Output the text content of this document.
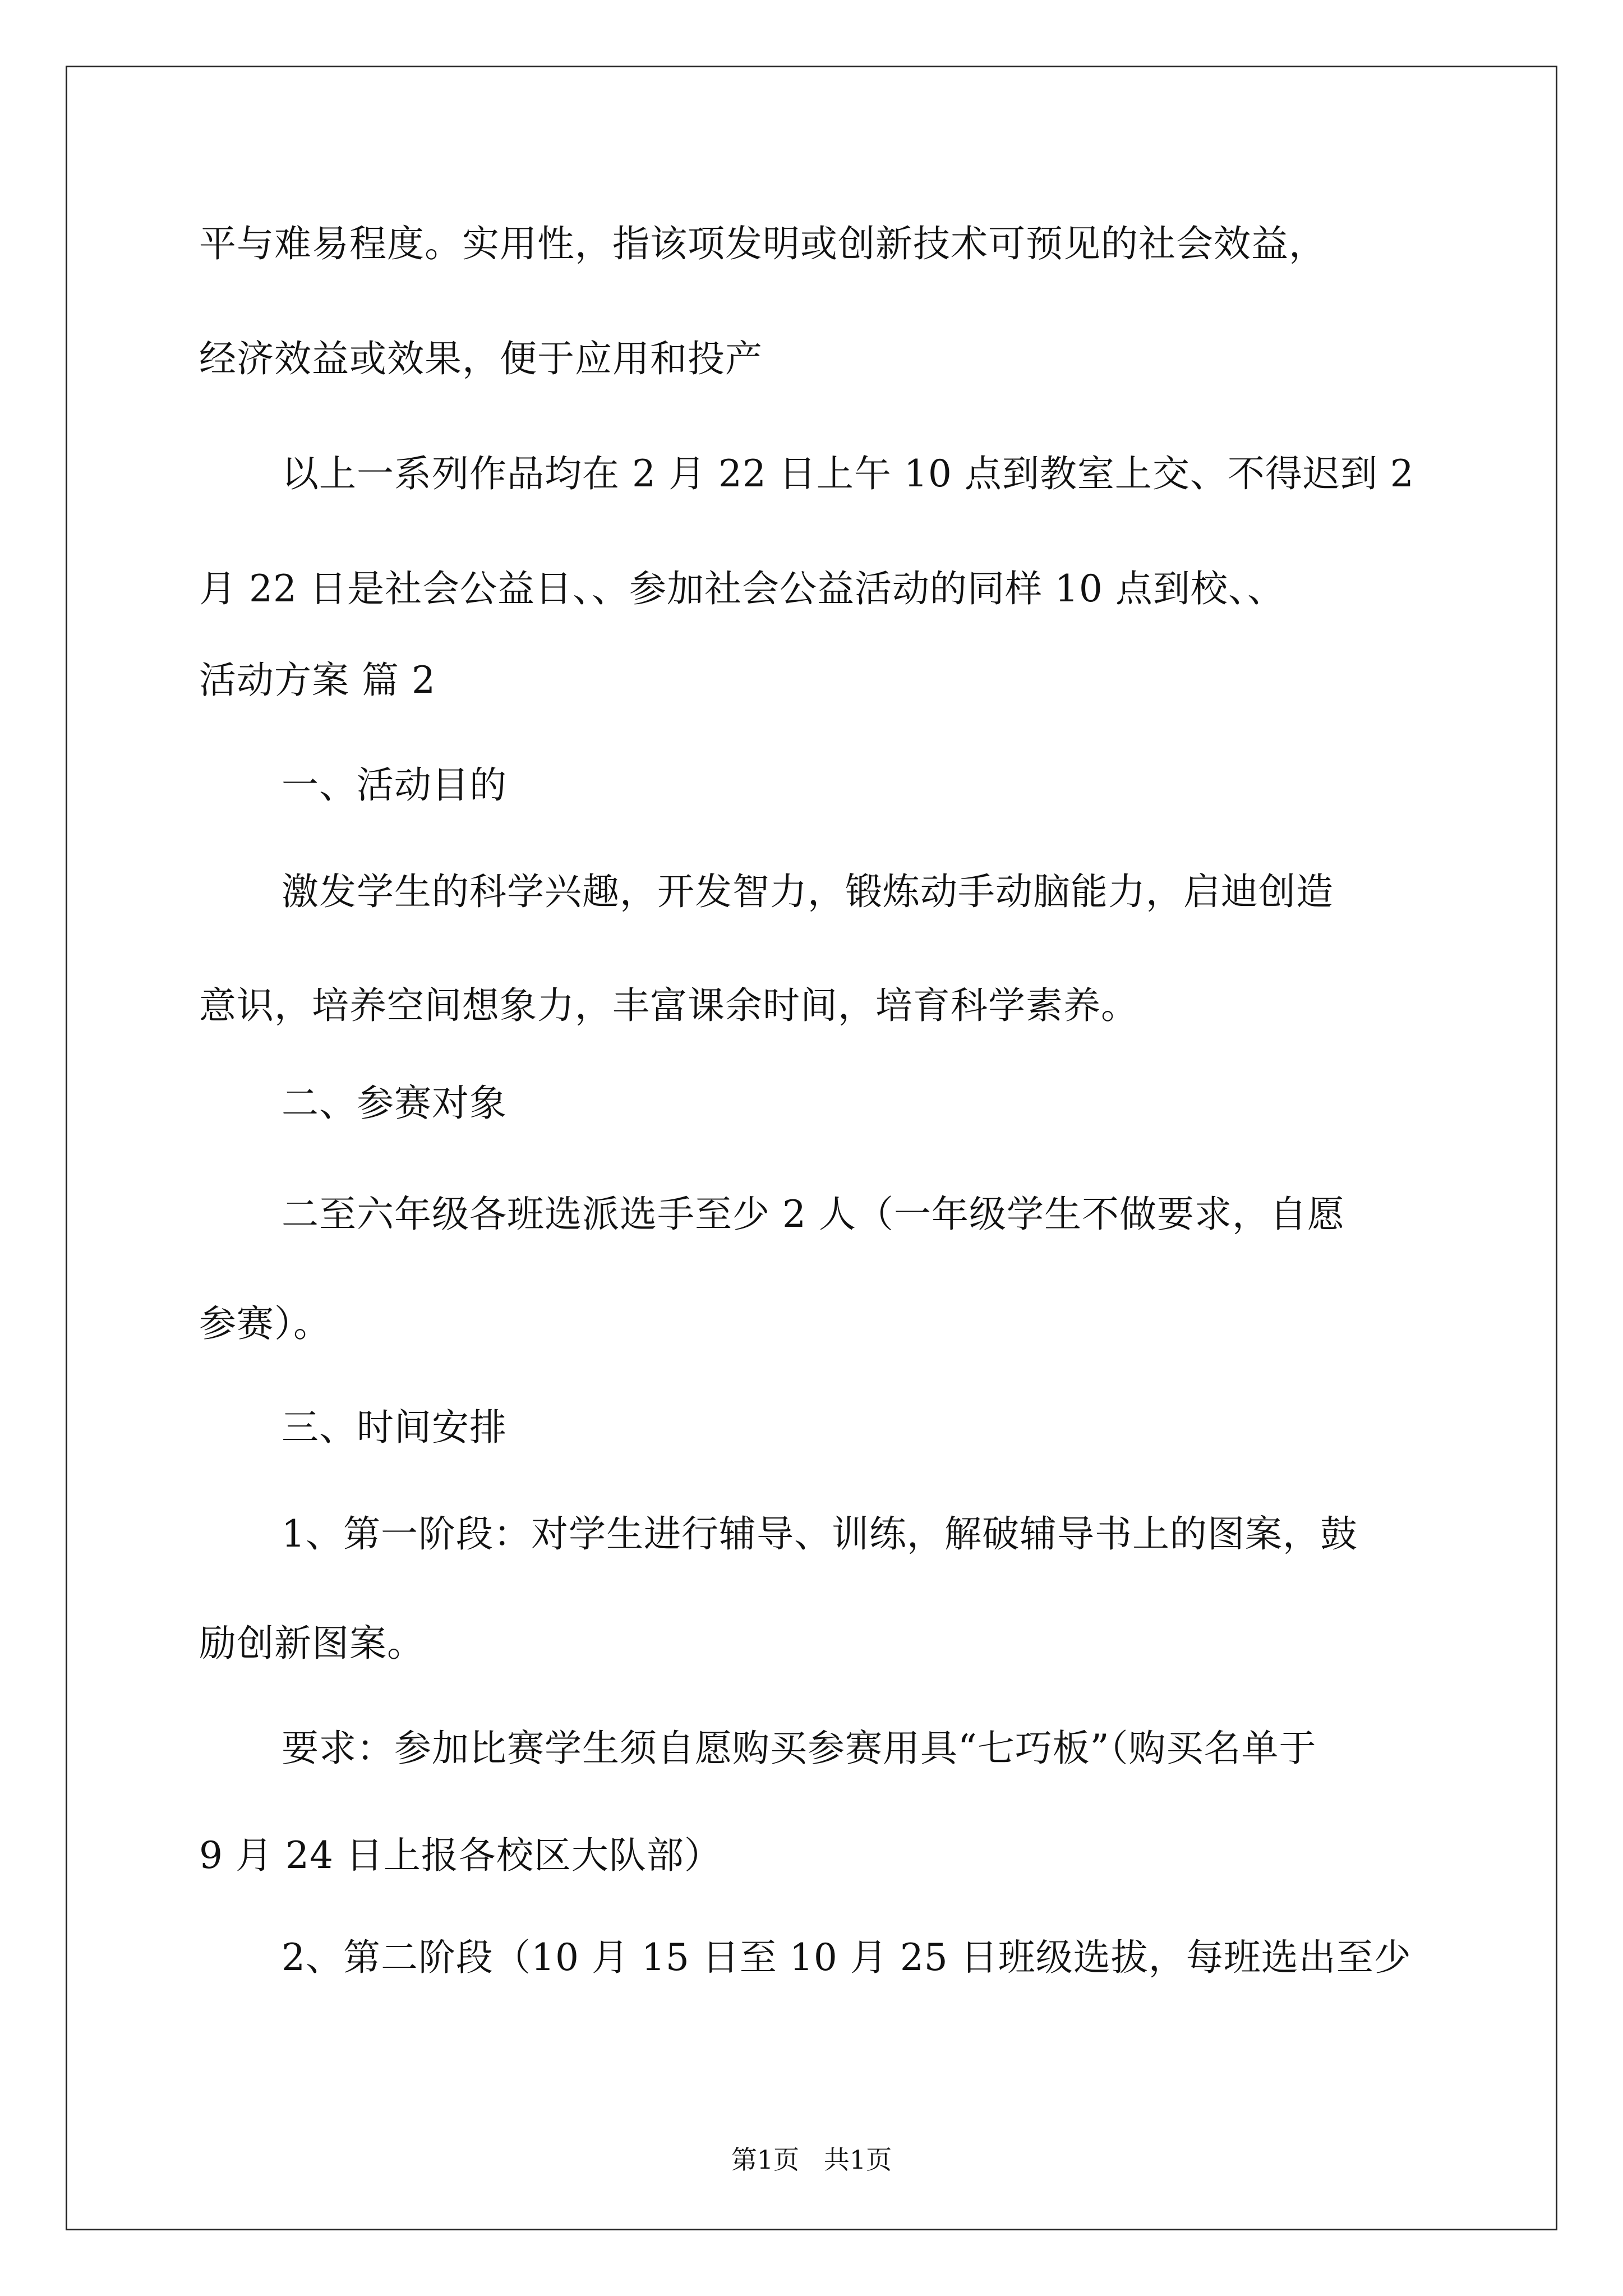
平与难易程度。实用性，指该项发明或创新技术可预见的社会效益，
经济效益或效果，便于应用和投产
以上一系列作品均在 2 月 22 日上午 10 点到教室上交、不得迟到 2
月 22 日是社会公益日、、参加社会公益活动的同样 10 点到校、、
活动方案 篇 2
一、活动目的
激发学生的科学兴趣，开发智力，锻炼动手动脑能力，启迪创造
意识，培养空间想象力，丰富课余时间，培育科学素养。
二、参赛对象
二至六年级各班选派选手至少 2 人（一年级学生不做要求，自愿
参赛）。
三、时间安排
1、第一阶段：对学生进行辅导、训练，解破辅导书上的图案，鼓
励创新图案。
要求：参加比赛学生须自愿购买参赛用具“七巧板”（购买名单于
9 月 24 日上报各校区大队部）
2、第二阶段（10 月 15 日至 10 月 25 日班级选拔，每班选出至少
第1页   共1页
